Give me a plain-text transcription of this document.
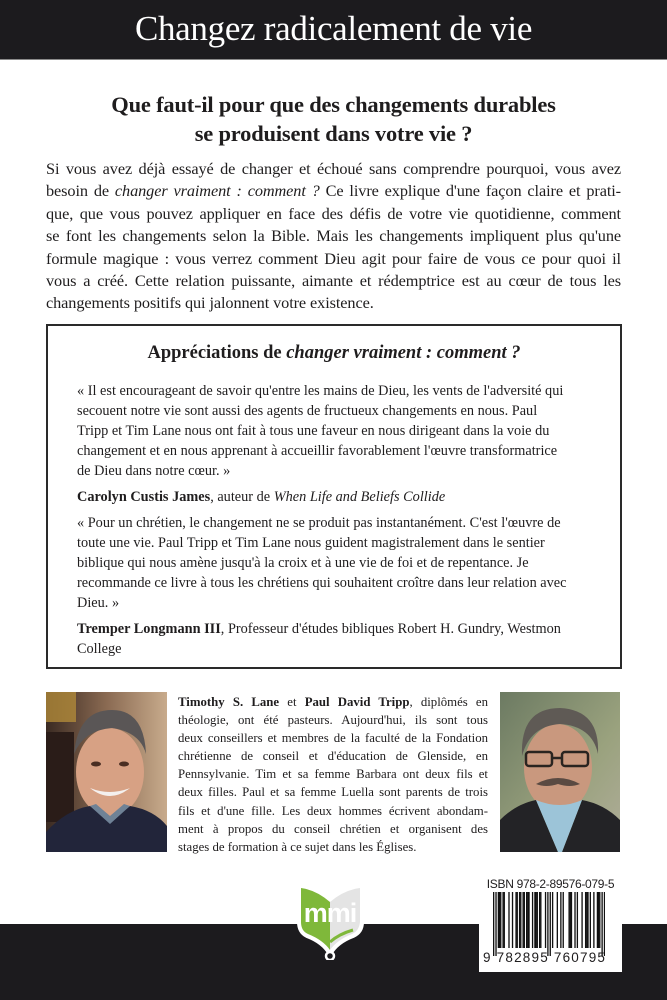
Changez radicalement de vie
Que faut-il pour que des changements durables
se produisent dans votre vie ?
Si vous avez déjà essayé de changer et échoué sans comprendre pourquoi, vous avez
besoin de changer vraiment : comment ? Ce livre explique d'une façon claire et prati-
que, que vous pouvez appliquer en face des défis de votre vie quotidienne, comment
se font les changements selon la Bible. Mais les changements impliquent plus qu'une
formule magique : vous verrez comment Dieu agit pour faire de vous ce pour quoi il
vous a créé. Cette relation puissante, aimante et rédemptrice est au cœur de tous les
changements positifs qui jalonnent votre existence.
Appréciations de changer vraiment : comment ?
« Il est encourageant de savoir qu'entre les mains de Dieu, les vents de l'adversité qui
secouent notre vie sont aussi des agents de fructueux changements en nous. Paul
Tripp et Tim Lane nous ont fait à tous une faveur en nous dirigeant dans la voie du
changement et en nous apprenant à accueillir favorablement l'œuvre transformatrice
de Dieu dans notre cœur. »
Carolyn Custis James, auteur de When Life and Beliefs Collide
« Pour un chrétien, le changement ne se produit pas instantanément. C'est l'œuvre de
toute une vie. Paul Tripp et Tim Lane nous guident magistralement dans le sentier
biblique qui nous amène jusqu'à la croix et à une vie de foi et de repentance. Je
recommande ce livre à tous les chrétiens qui souhaitent croître dans leur relation avec
Dieu. »
Tremper Longmann III, Professeur d'études bibliques Robert H. Gundry, Westmon
College
Timothy S. Lane et Paul David Tripp, diplômés en
théologie, ont été pasteurs. Aujourd'hui, ils sont tous
deux conseillers et membres de la faculté de la Fondation
chrétienne de conseil et d'éducation de Glenside, en
Pennsylvanie. Tim et sa femme Barbara ont deux fils et
deux filles. Paul et sa femme Luella sont parents de trois
fils et d'une fille. Les deux hommes écrivent abondam-
ment à propos du conseil chrétien et organisent des
stages de formation à ce sujet dans les Églises.
mmi
ISBN 978-2-89576-079-5
9 782895 760795
